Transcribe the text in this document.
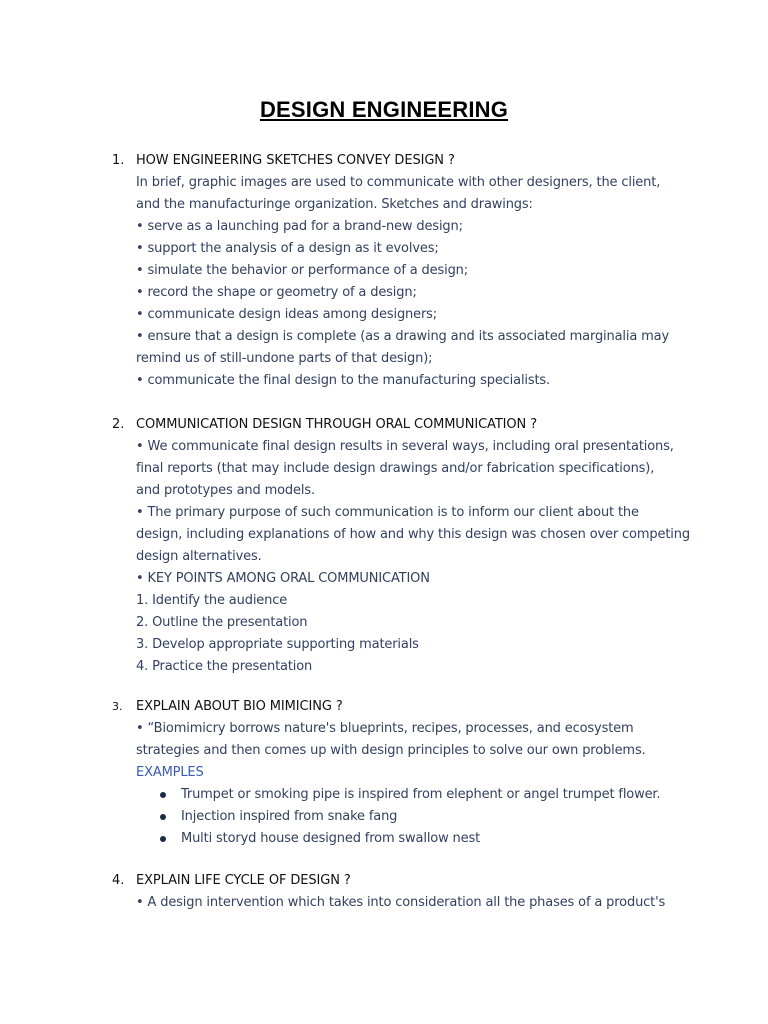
DESIGN ENGINEERING
1. HOW ENGINEERING SKETCHES CONVEY DESIGN ?
In brief, graphic images are used to communicate with other designers, the client,
and the manufacturinge organization. Sketches and drawings:
• serve as a launching pad for a brand-new design;
• support the analysis of a design as it evolves;
• simulate the behavior or performance of a design;
• record the shape or geometry of a design;
• communicate design ideas among designers;
• ensure that a design is complete (as a drawing and its associated marginalia may
remind us of still-undone parts of that design);
• communicate the final design to the manufacturing specialists.
2. COMMUNICATION DESIGN THROUGH ORAL COMMUNICATION ?
• We communicate final design results in several ways, including oral presentations,
final reports (that may include design drawings and/or fabrication specifications),
and prototypes and models.
• The primary purpose of such communication is to inform our client about the
design, including explanations of how and why this design was chosen over competing
design alternatives.
• KEY POINTS AMONG ORAL COMMUNICATION
1. Identify the audience
2. Outline the presentation
3. Develop appropriate supporting materials
4. Practice the presentation
3. EXPLAIN ABOUT BIO MIMICING ?
• “Biomimicry borrows nature's blueprints, recipes, processes, and ecosystem
strategies and then comes up with design principles to solve our own problems.
EXAMPLES
Trumpet or smoking pipe is inspired from elephent or angel trumpet flower.
Injection inspired from snake fang
Multi storyd house designed from swallow nest
4. EXPLAIN LIFE CYCLE OF DESIGN ?
• A design intervention which takes into consideration all the phases of a product's
